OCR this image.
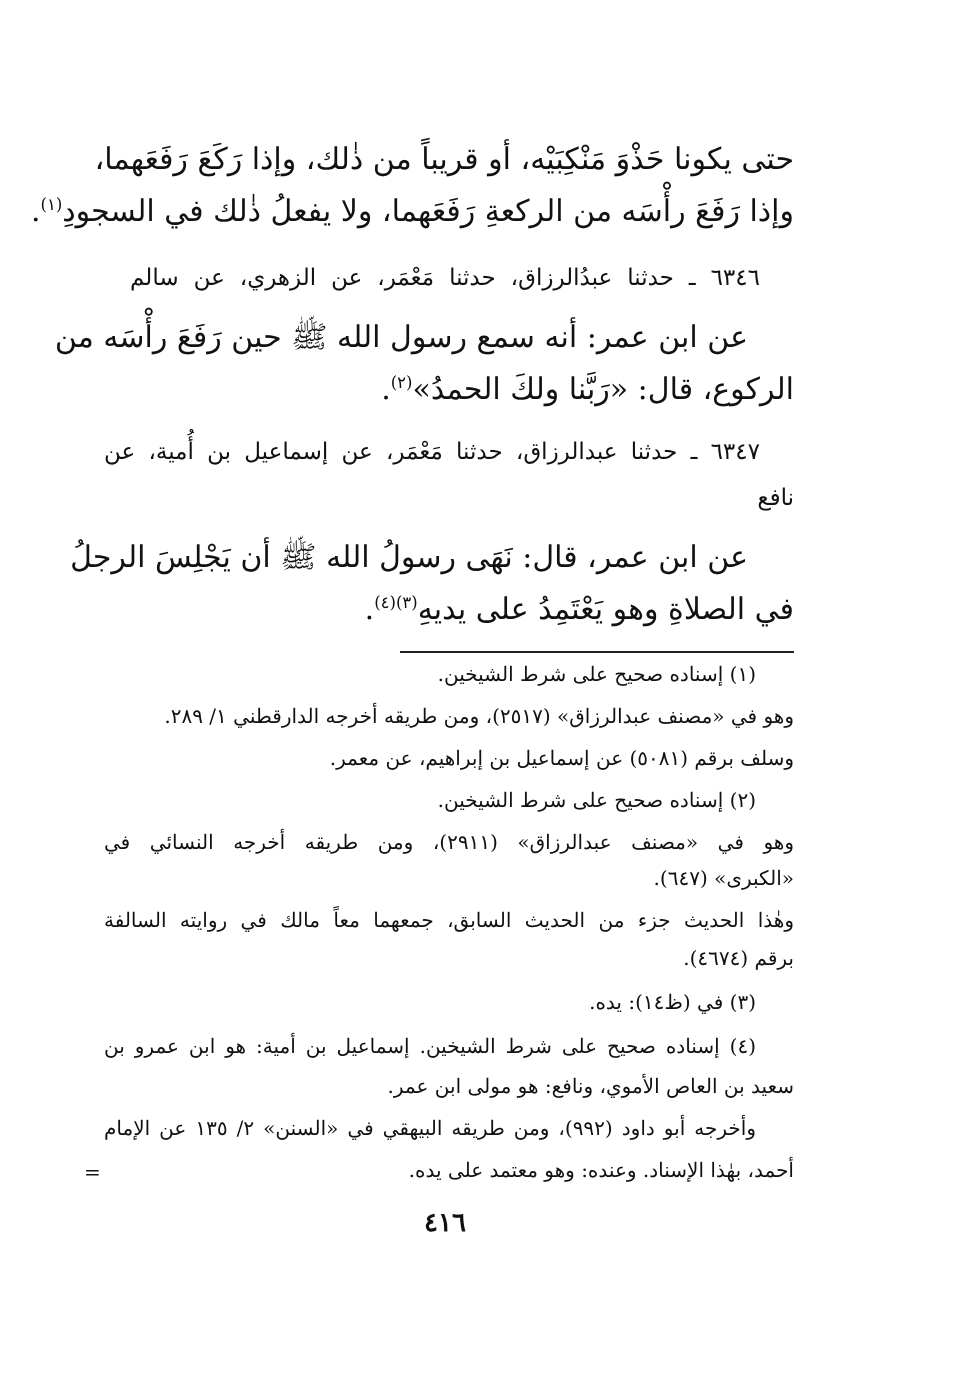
حتى يكونا حَذْوَ مَنْكِبَيْه، أو قريباً من ذٰلك، وإذا رَكَعَ رَفَعَهما،
وإذا رَفَعَ رأْسَه من الركعةِ رَفَعَهما، ولا يفعلُ ذٰلك في السجودِ$^{(١)}$.
٦٣٤٦ ـ حدثنا عبدُالرزاق، حدثنا مَعْمَر، عن الزهري، عن سالم
عن ابن عمر: أنه سمع رسول الله ﷺ حين رَفَعَ رأْسَه من
الركوع، قال: «رَبَّنا ولكَ الحمدُ»$^{(٢)}$.
٦٣٤٧ ـ حدثنا عبدالرزاق، حدثنا مَعْمَر، عن إسماعيل بن أُمية، عن
نافع
عن ابن عمر، قال: نَهَى رسولُ الله ﷺ أن يَجْلِسَ الرجلُ
في الصلاةِ وهو يَعْتَمِدُ على يديهِ$^{(٣)(٤)}$.
(١) إسناده صحيح على شرط الشيخين.
وهو في «مصنف عبدالرزاق» (٢٥١٧)، ومن طريقه أخرجه الدارقطني ١/ ٢٨٩.
وسلف برقم (٥٠٨١) عن إسماعيل بن إبراهيم، عن معمر.
(٢) إسناده صحيح على شرط الشيخين.
وهو في «مصنف عبدالرزاق» (٢٩١١)، ومن طريقه أخرجه النسائي في
«الكبرى» (٦٤٧).
وهٰذا الحديث جزء من الحديث السابق، جمعهما معاً مالك في روايته السالفة
برقم (٤٦٧٤).
(٣) في (ظ١٤): يده.
(٤) إسناده صحيح على شرط الشيخين. إسماعيل بن أمية: هو ابن عمرو بن
سعيد بن العاص الأموي، ونافع: هو مولى ابن عمر.
وأخرجه أبو داود (٩٩٢)، ومن طريقه البيهقي في «السنن» ٢/ ١٣٥ عن الإمام
أحمد، بهٰذا الإسناد. وعنده: وهو معتمد على يده.
=
٤١٦
